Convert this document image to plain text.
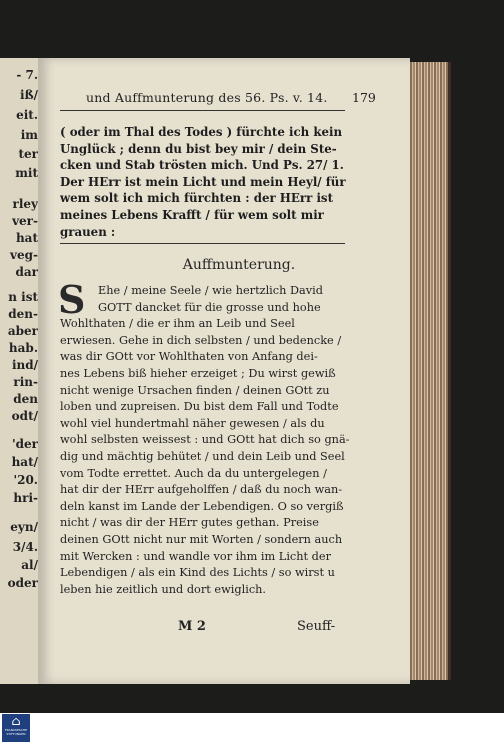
- 7.
iß/
eit.
im
ter
mit
rley
ver-
hat
veg-
dar
n ist
den-
aber
hab.
ind/
rin-
den
odt/
'der
hat/
'20.
hri-
eyn/
3/4.
al/
oder
und Auffmunterung des 56. Ps. v. 14.	179
( oder im Thal des Todes ) fürchte ich kein
Unglück ; denn du bist bey mir / dein Ste-
cken und Stab trösten mich. Und Ps. 27/ 1.
Der HErr ist mein Licht und mein Heyl/ für
wem solt ich mich fürchten : der HErr ist
meines Lebens Krafft / für wem solt mir
grauen :
Auffmunterung.
S	Ehe / meine Seele / wie hertzlich David
GOTT dancket für die grosse und hohe
Wohlthaten / die er ihm an Leib und Seel
erwiesen. Gehe in dich selbsten / und bedencke /
was dir GOtt vor Wohlthaten von Anfang dei-
nes Lebens biß hieher erzeiget ; Du wirst gewiß
nicht wenige Ursachen finden / deinen GOtt zu
loben und zupreisen. Du bist dem Fall und Todte
wohl viel hundertmahl näher gewesen / als du
wohl selbsten weissest : und GOtt hat dich so gnä-
dig und mächtig behütet / und dein Leib und Seel
vom Todte errettet. Auch da du untergelegen /
hat dir der HErr aufgeholffen / daß du noch wan-
deln kanst im Lande der Lebendigen. O so vergiß
nicht / was dir der HErr gutes gethan. Preise
deinen GOtt nicht nur mit Worten / sondern auch
mit Wercken : und wandle vor ihm im Licht der
Lebendigen / als ein Kind des Lichts / so wirst u
leben hie zeitlich und dort ewiglich.
M 2	Seuff-
⌂
FRANCKESCHE STIFTUNGEN
